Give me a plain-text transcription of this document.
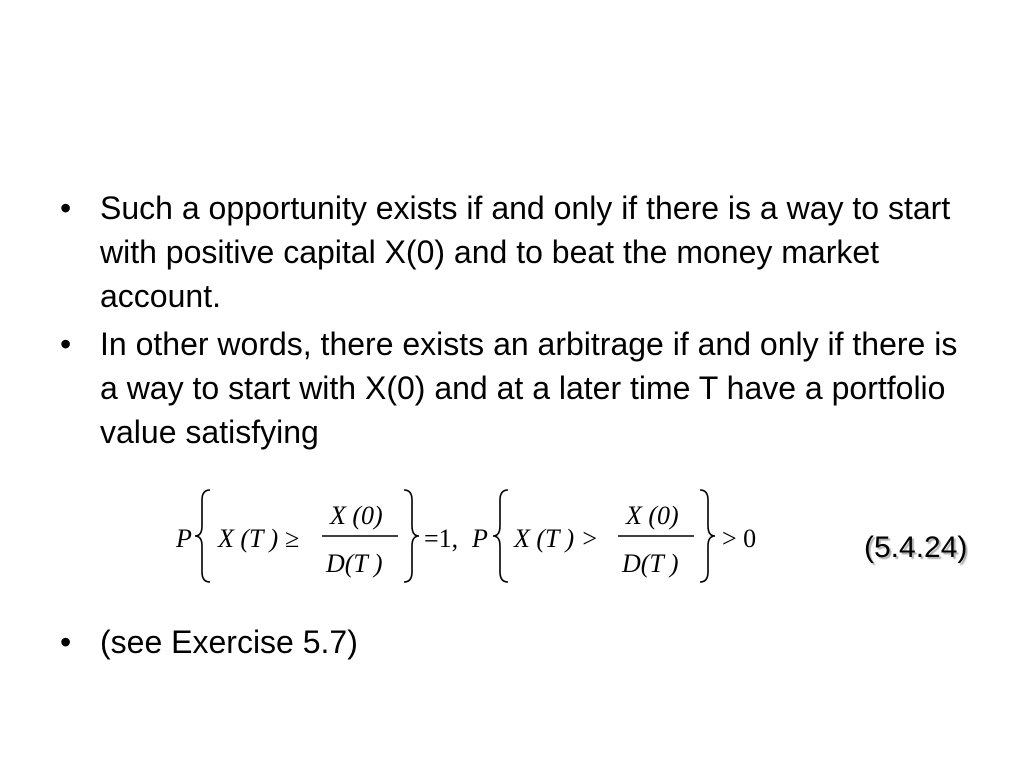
• Such a opportunity exists if and only if there is a way to start with positive capital X(0) and to beat the money market account.
• In other words, there exists an arbitrage if and only if there is a way to start with X(0) and at a later time T have a portfolio value satisfying
P X (T ) ≥
X (0)
D(T )
=1, P X (T ) >
X (0)
D(T )
> 0	(5.4.24)
• (see Exercise 5.7)
